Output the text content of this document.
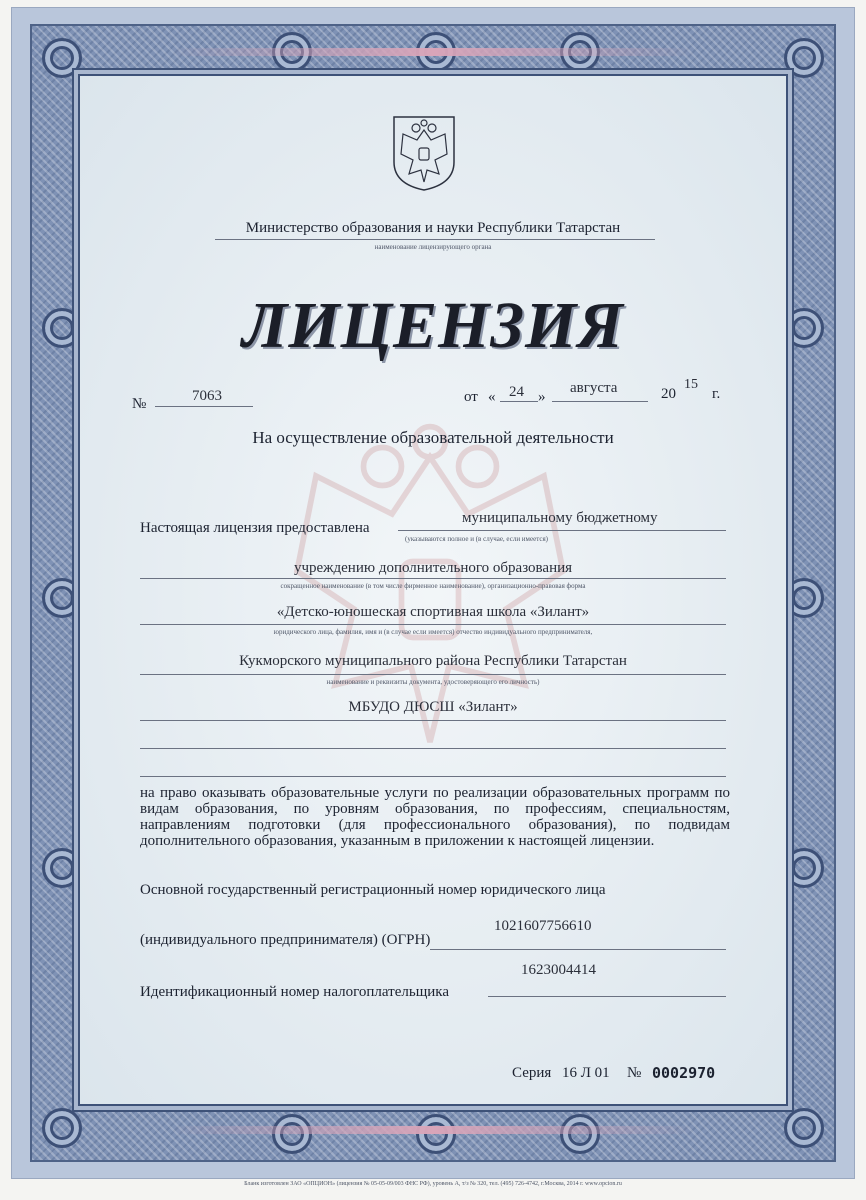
Министерство образования и науки Республики Татарстан
наименование лицензирующего органа
ЛИЦЕНЗИЯ
№	7063	от « 24 »
августа	20
15
г.
На осуществление образовательной деятельности
Настоящая лицензия предоставлена
муниципальному бюджетному
(указываются полное и (в случае, если имеется)
учреждению дополнительного образования
сокращенное наименование (в том числе фирменное наименование), организационно-правовая форма
«Детско-юношеская спортивная школа «Зилант»
юридического лица, фамилия, имя и (в случае если имеется) отчество индивидуального предпринимателя,
Кукморского муниципального района Республики Татарстан
наименование и реквизиты документа, удостоверяющего его личность)
МБУДО ДЮСШ «Зилант»
на право оказывать образовательные услуги по реализации образовательных программ по видам образования, по уровням образования, по профессиям, специальностям, направлениям подготовки (для профессионального образования), по подвидам дополнительного образования, указанным в приложении к настоящей лицензии.
Основной государственный регистрационный номер юридического лица
(индивидуального предпринимателя) (ОГРН)
1021607756610
Идентификационный номер налогоплательщика
1623004414
Серия 16 Л 01 № 0002970
Бланк изготовлен ЗАО «ОПЦИОН» (лицензия № 05-05-09/003 ФНС РФ), уровень А, т/з № 320, тел. (495) 726-4742, г.Москва, 2014 г. www.opcion.ru
